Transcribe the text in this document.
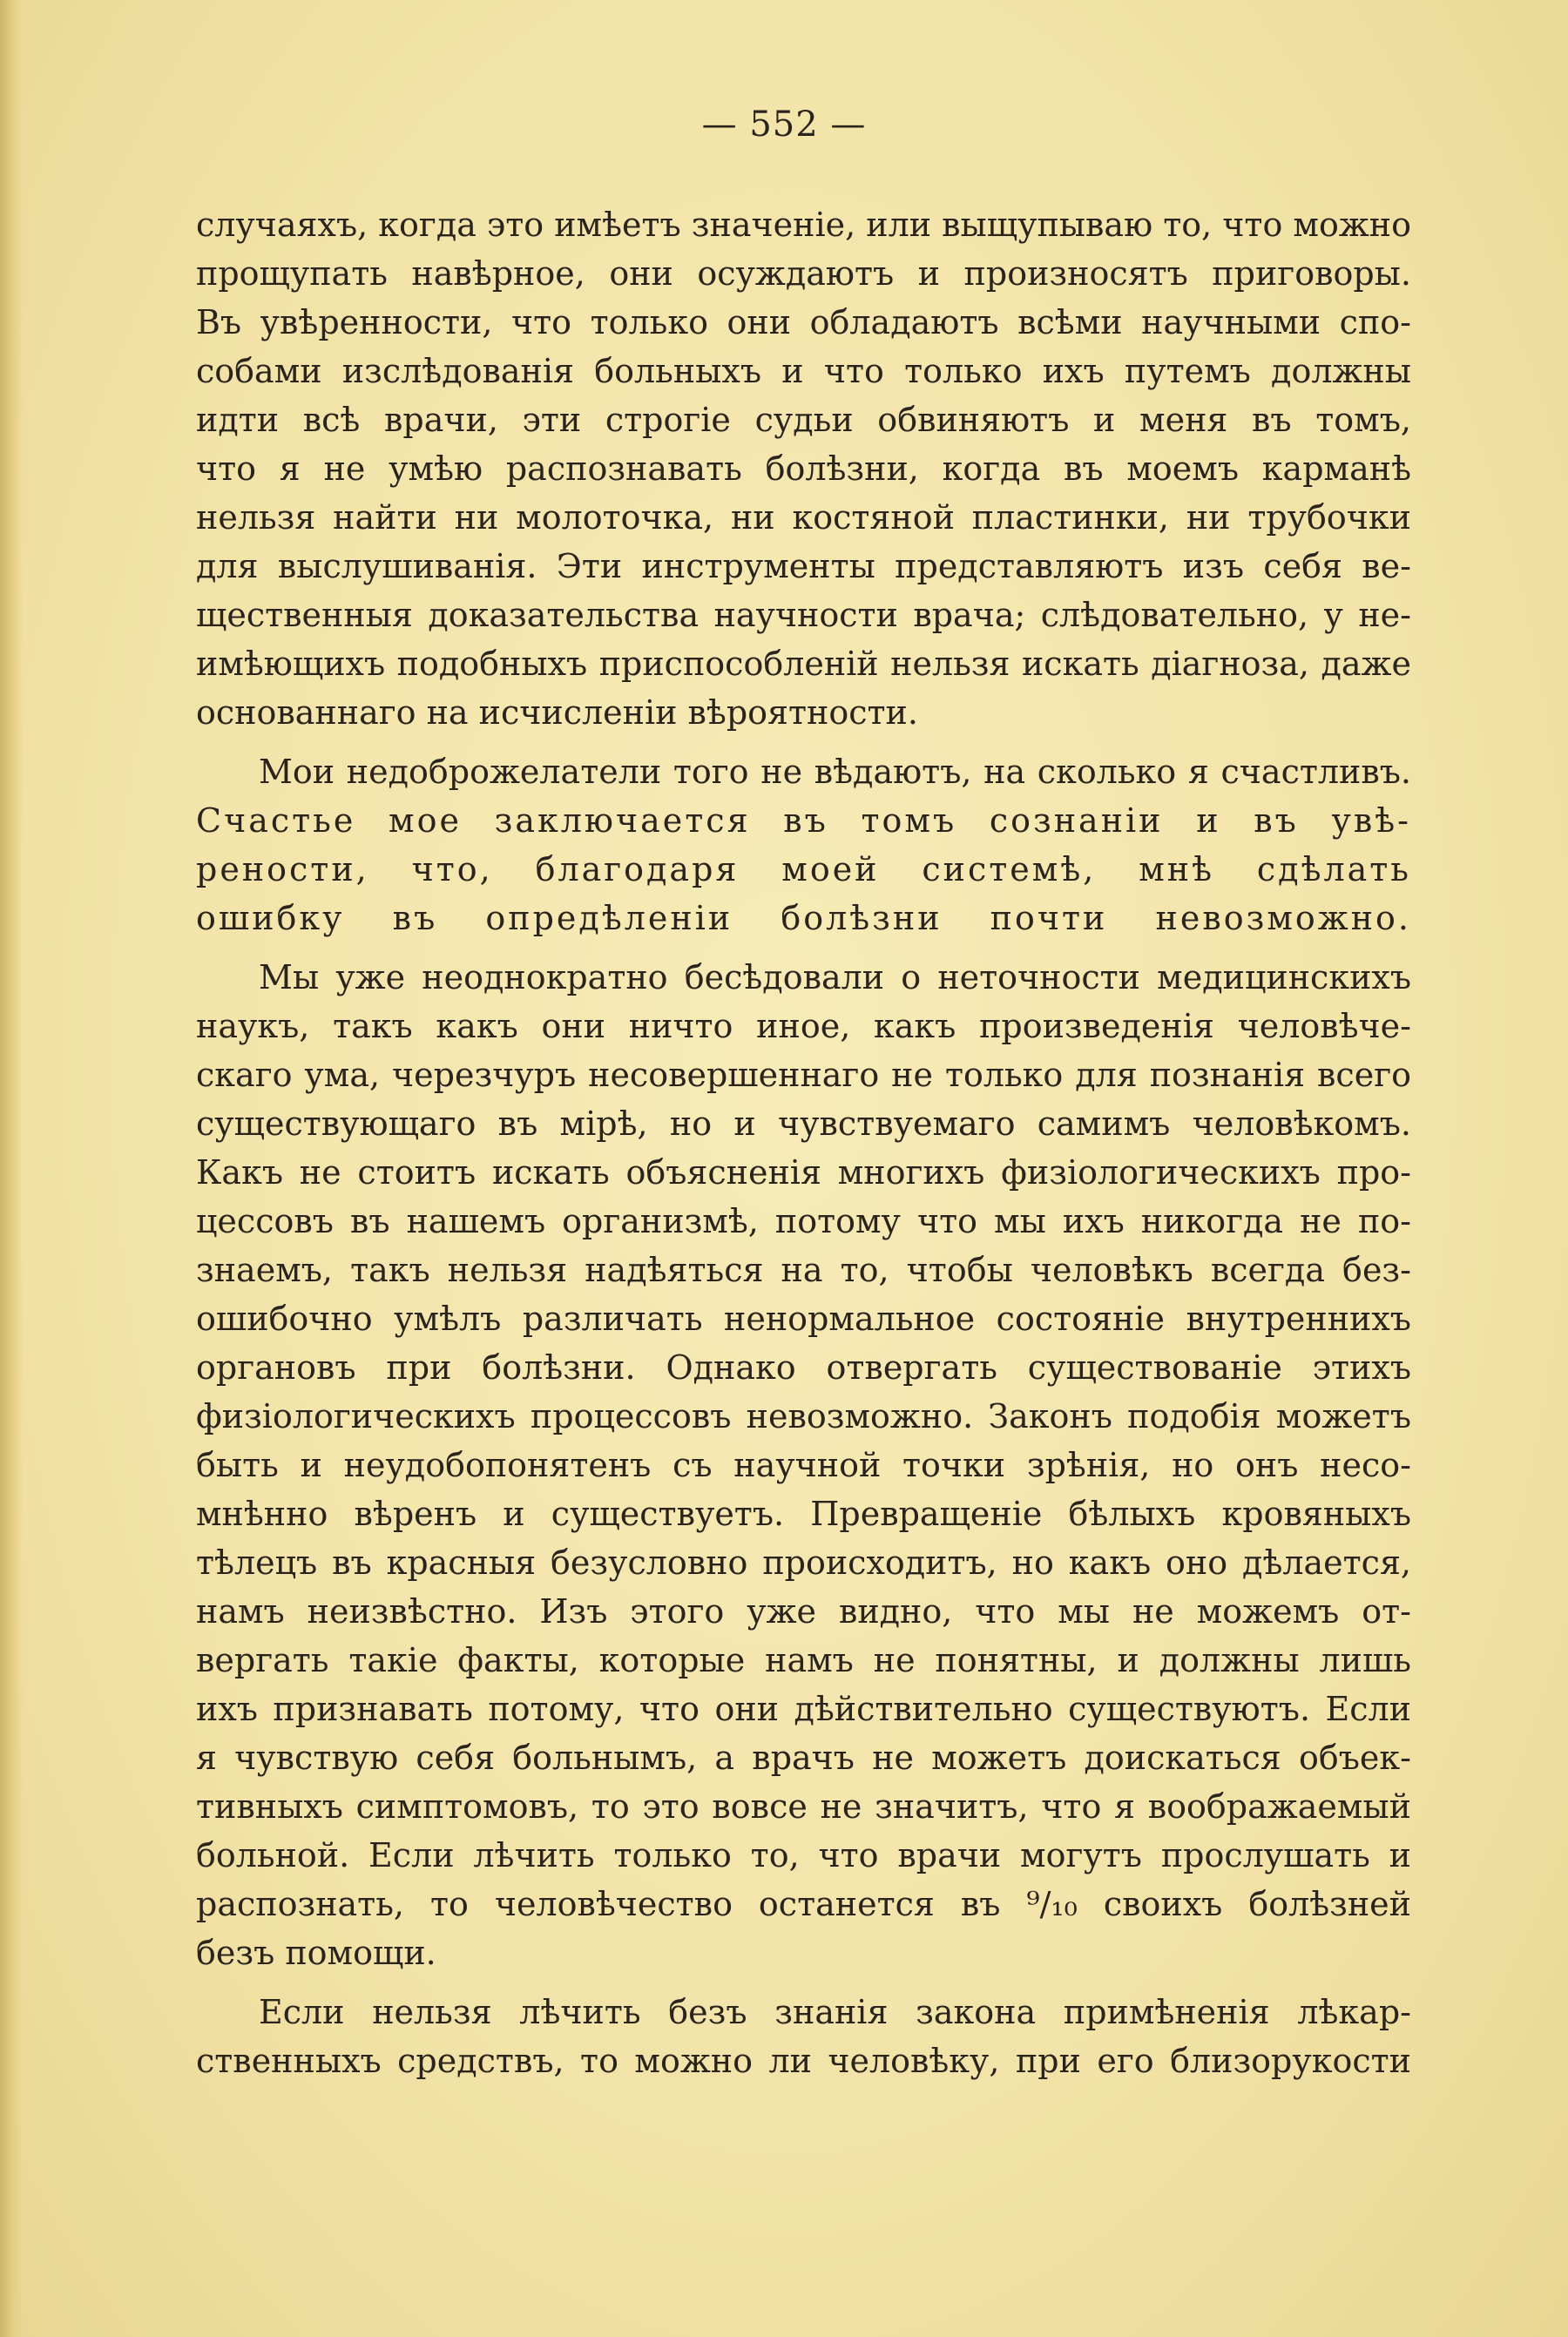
— 552 —
случаяхъ, когда это имѣетъ значеніе, или выщупываю то, что можно
прощупать навѣрное, они осуждаютъ и произносятъ приговоры.
Въ увѣренности, что только они обладаютъ всѣми научными спо-
собами изслѣдованія больныхъ и что только ихъ путемъ должны
идти всѣ врачи, эти строгіе судьи обвиняютъ и меня въ томъ,
что я не умѣю распознавать болѣзни, когда въ моемъ карманѣ
нельзя найти ни молоточка, ни костяной пластинки, ни трубочки
для выслушиванія. Эти инструменты представляютъ изъ себя ве-
щественныя доказательства научности врача; слѣдовательно, у не-
имѣющихъ подобныхъ приспособленій нельзя искать діагноза, даже
основаннаго на исчисленіи вѣроятности.
Мои недоброжелатели того не вѣдаютъ, на сколько я счастливъ.
Счастье мое заключается въ томъ сознаніи и въ увѣ-
рености, что, благодаря моей системѣ, мнѣ сдѣлать
ошибку въ опредѣленіи болѣзни почти невозможно.
Мы уже неоднократно бесѣдовали о неточности медицинскихъ
наукъ, такъ какъ они ничто иное, какъ произведенія человѣче-
скаго ума, черезчуръ несовершеннаго не только для познанія всего
существующаго въ мірѣ, но и чувствуемаго самимъ человѣкомъ.
Какъ не стоитъ искать объясненія многихъ физіологическихъ про-
цессовъ въ нашемъ организмѣ, потому что мы ихъ никогда не по-
знаемъ, такъ нельзя надѣяться на то, чтобы человѣкъ всегда без-
ошибочно умѣлъ различать ненормальное состояніе внутреннихъ
органовъ при болѣзни. Однако отвергать существованіе этихъ
физіологическихъ процессовъ невозможно. Законъ подобія можетъ
быть и неудобопонятенъ съ научной точки зрѣнія, но онъ несо-
мнѣнно вѣренъ и существуетъ. Превращеніе бѣлыхъ кровяныхъ
тѣлецъ въ красныя безусловно происходитъ, но какъ оно дѣлается,
намъ неизвѣстно. Изъ этого уже видно, что мы не можемъ от-
вергать такіе факты, которые намъ не понятны, и должны лишь
ихъ признавать потому, что они дѣйствительно существуютъ. Если
я чувствую себя больнымъ, а врачъ не можетъ доискаться объек-
тивныхъ симптомовъ, то это вовсе не значитъ, что я воображаемый
больной. Если лѣчить только то, что врачи могутъ прослушать и
распознать, то человѣчество останется въ ⁹/₁₀ своихъ болѣзней
безъ помощи.
Если нельзя лѣчить безъ знанія закона примѣненія лѣкар-
ственныхъ средствъ, то можно ли человѣку, при его близорукости
